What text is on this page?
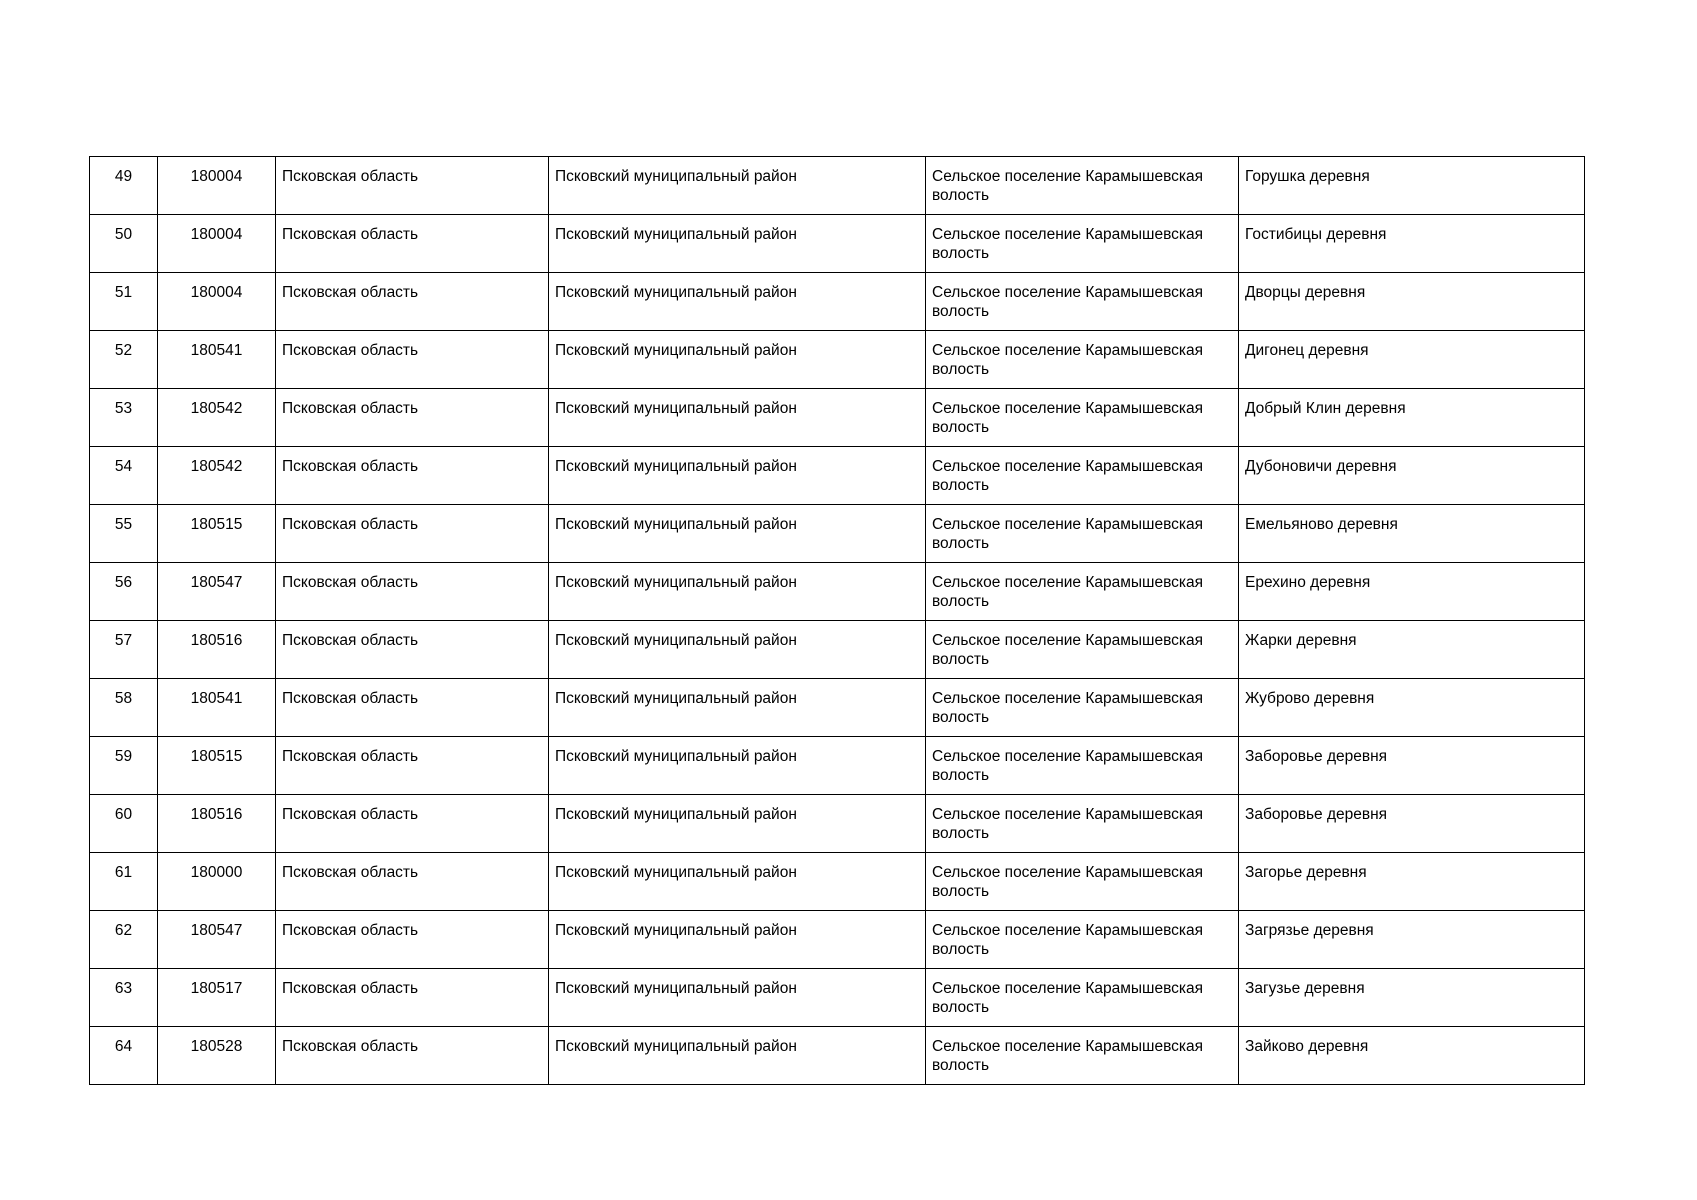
49	180004	Псковская область	Псковский муниципальный район	Сельское поселение Карамышевская волость	Горушка деревня
50	180004	Псковская область	Псковский муниципальный район	Сельское поселение Карамышевская волость	Гостибицы деревня
51	180004	Псковская область	Псковский муниципальный район	Сельское поселение Карамышевская волость	Дворцы деревня
52	180541	Псковская область	Псковский муниципальный район	Сельское поселение Карамышевская волость	Дигонец деревня
53	180542	Псковская область	Псковский муниципальный район	Сельское поселение Карамышевская волость	Добрый Клин деревня
54	180542	Псковская область	Псковский муниципальный район	Сельское поселение Карамышевская волость	Дубоновичи деревня
55	180515	Псковская область	Псковский муниципальный район	Сельское поселение Карамышевская волость	Емельяново деревня
56	180547	Псковская область	Псковский муниципальный район	Сельское поселение Карамышевская волость	Ерехино деревня
57	180516	Псковская область	Псковский муниципальный район	Сельское поселение Карамышевская волость	Жарки деревня
58	180541	Псковская область	Псковский муниципальный район	Сельское поселение Карамышевская волость	Жуброво деревня
59	180515	Псковская область	Псковский муниципальный район	Сельское поселение Карамышевская волость	Заборовье деревня
60	180516	Псковская область	Псковский муниципальный район	Сельское поселение Карамышевская волость	Заборовье деревня
61	180000	Псковская область	Псковский муниципальный район	Сельское поселение Карамышевская волость	Загорье деревня
62	180547	Псковская область	Псковский муниципальный район	Сельское поселение Карамышевская волость	Загрязье деревня
63	180517	Псковская область	Псковский муниципальный район	Сельское поселение Карамышевская волость	Загузье деревня
64	180528	Псковская область	Псковский муниципальный район	Сельское поселение Карамышевская волость	Зайково деревня
